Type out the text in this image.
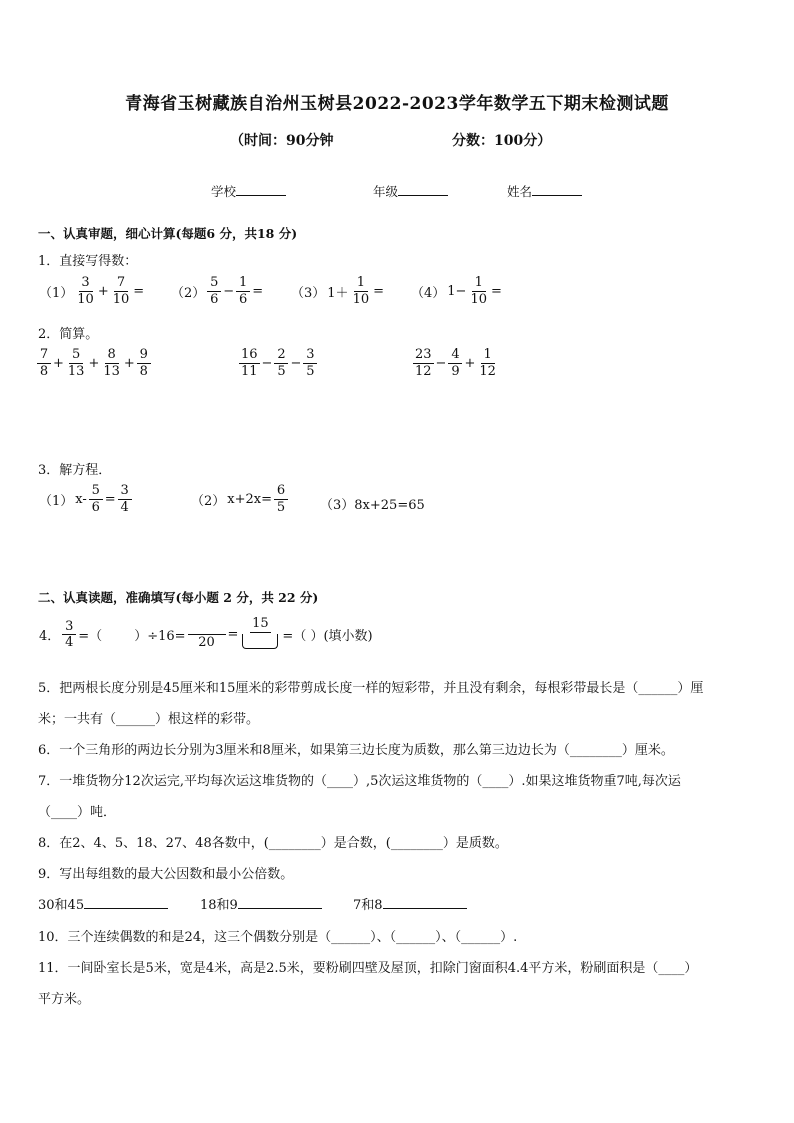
青海省玉树藏族自治州玉树县2022-2023学年数学五下期末检测试题
（时间：90分钟	分数：100分）
学校	年级	姓名
一、认真审题，细心计算(每题6 分，共18 分)
1．直接写得数：
$(1) \frac{3}{10} + \frac{7}{10} = (2) \frac{5}{6} - \frac{1}{6} = (3)$ $1+ \frac{1}{10} = (4)$ $1- \frac{1}{10}$ =
2．简算。
$\frac{7}{8} + \frac{5}{13} + \frac{8}{13} + \frac{9}{8}$	$\frac{16}{11} - \frac{2}{5} - \frac{3}{5}$	$\frac{23}{12} - \frac{4}{9} + \frac{1}{12}$
3．解方程．
（1） $x- \frac{5}{6} = \frac{3}{4}$	（2） $x+2x= \frac{6}{5} (3)8x+25=65$
二、认真读题，准确填写(每小题 2 分，共 22 分)
4． $\frac{3}{4}$ =（ ）÷16=
20
=
15
=（ ）(填小数)
5．把两根长度分别是45厘米和15厘米的彩带剪成长度一样的短彩带，并且没有剩余，每根彩带最长是（______）厘
米；一共有（______）根这样的彩带。
6．一个三角形的两边长分别为3厘米和8厘米，如果第三边长度为质数，那么第三边边长为（________）厘米。
7．一堆货物分12次运完,平均每次运这堆货物的（____）,5次运这堆货物的（____）.如果这堆货物重7吨,每次运
（____）吨．
8．在2、4、5、18、27、48各数中，(________）是合数，(________）是质数。
9．写出每组数的最大公因数和最小公倍数。
30和45	18和9	7和8
10．三个连续偶数的和是24，这三个偶数分别是（______）、（______）、（______）.
11．一间卧室长是5米，宽是4米，高是2.5米，要粉刷四壁及屋顶，扣除门窗面积4.4平方米，粉刷面积是（____）
平方米。
